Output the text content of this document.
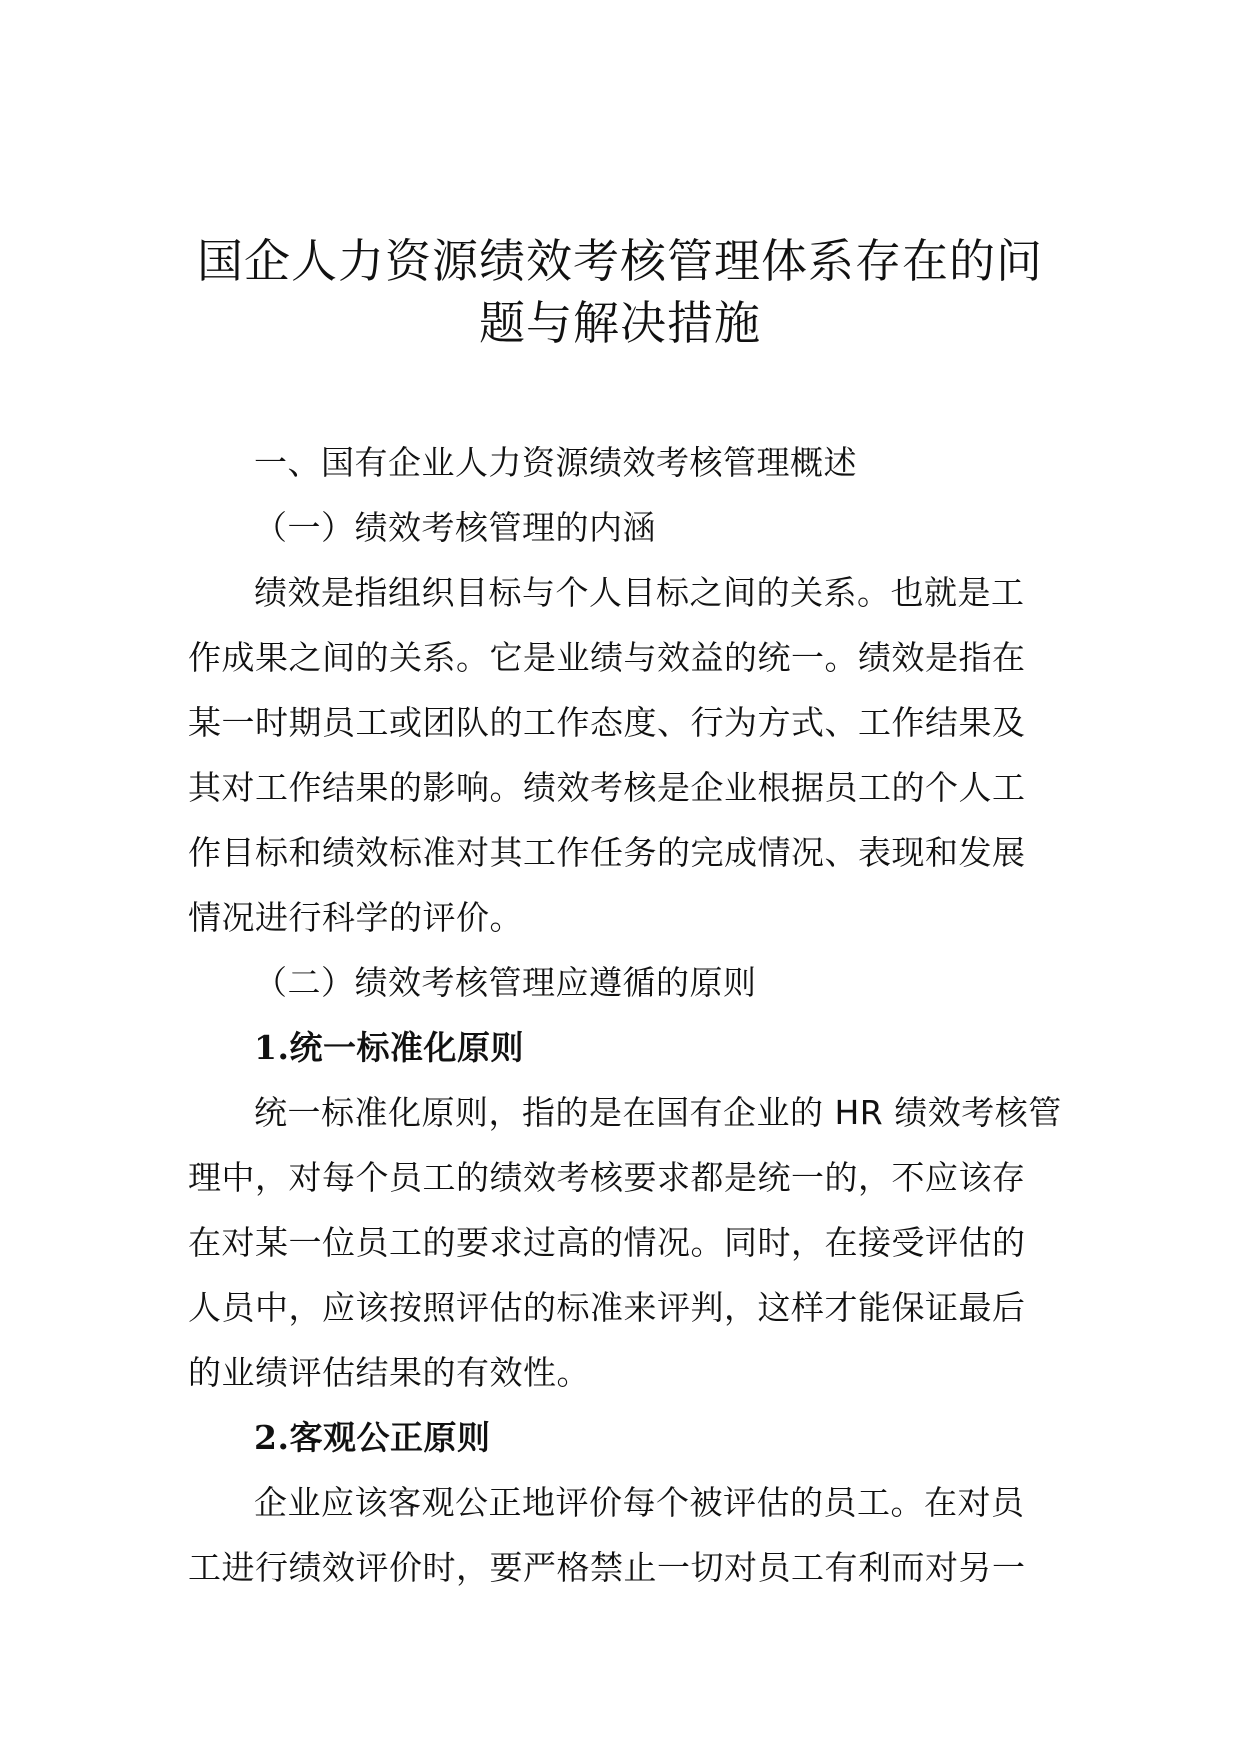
国企人力资源绩效考核管理体系存在的问
题与解决措施

一、国有企业人力资源绩效考核管理概述

（一）绩效考核管理的内涵

绩效是指组织目标与个人目标之间的关系。也就是工

作成果之间的关系。它是业绩与效益的统一。绩效是指在

某一时期员工或团队的工作态度、行为方式、工作结果及

其对工作结果的影响。绩效考核是企业根据员工的个人工

作目标和绩效标准对其工作任务的完成情况、表现和发展

情况进行科学的评价。

（二）绩效考核管理应遵循的原则

1.统一标准化原则

统一标准化原则，指的是在国有企业的 HR 绩效考核管

理中，对每个员工的绩效考核要求都是统一的，不应该存

在对某一位员工的要求过高的情况。同时，在接受评估的

人员中，应该按照评估的标准来评判，这样才能保证最后

的业绩评估结果的有效性。

2.客观公正原则

企业应该客观公正地评价每个被评估的员工。在对员

工进行绩效评价时，要严格禁止一切对员工有利而对另一
